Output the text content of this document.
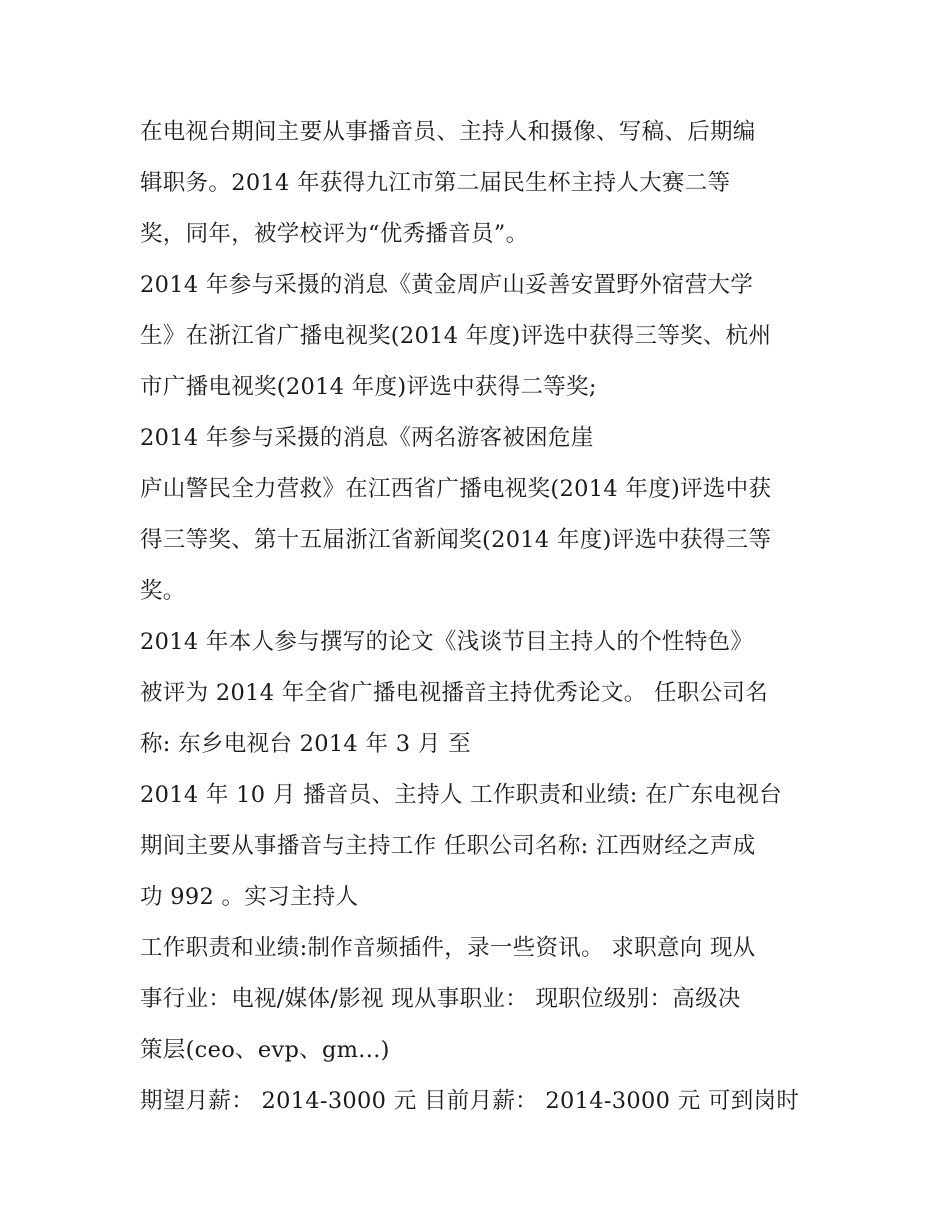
在电视台期间主要从事播音员、主持人和摄像、写稿、后期编
辑职务。2014 年获得九江市第二届民生杯主持人大赛二等
奖，同年，被学校评为“优秀播音员”。
2014 年参与采摄的消息《黄金周庐山妥善安置野外宿营大学
生》在浙江省广播电视奖(2014 年度)评选中获得三等奖、杭州
市广播电视奖(2014 年度)评选中获得二等奖;
2014 年参与采摄的消息《两名游客被困危崖
庐山警民全力营救》在江西省广播电视奖(2014 年度)评选中获
得三等奖、第十五届浙江省新闻奖(2014 年度)评选中获得三等
奖。
2014 年本人参与撰写的论文《浅谈节目主持人的个性特色》
被评为 2014 年全省广播电视播音主持优秀论文。 任职公司名
称: 东乡电视台 2014 年 3 月 至
2014 年 10 月 播音员、主持人 工作职责和业绩: 在广东电视台
期间主要从事播音与主持工作 任职公司名称: 江西财经之声成
功 992 。实习主持人
工作职责和业绩:制作音频插件，录一些资讯。 求职意向 现从
事行业：电视/媒体/影视 现从事职业： 现职位级别：高级决
策层(ceo、evp、gm...)
期望月薪： 2014-3000 元 目前月薪： 2014-3000 元 可到岗时
